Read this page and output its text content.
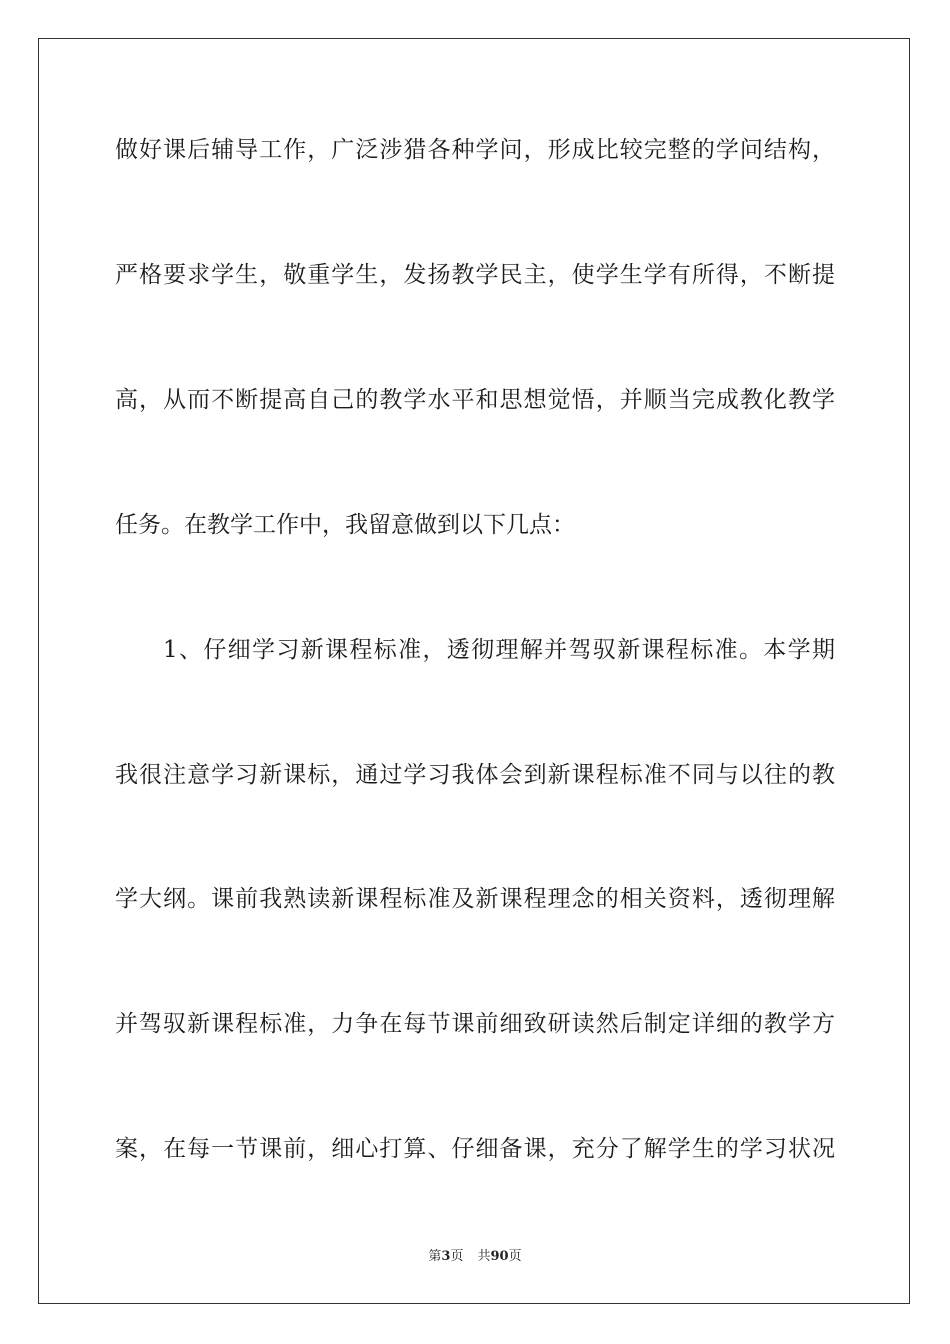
做好课后辅导工作，广泛涉猎各种学问，形成比较完整的学问结构，
严格要求学生，敬重学生，发扬教学民主，使学生学有所得，不断提
高，从而不断提高自己的教学水平和思想觉悟，并顺当完成教化教学
任务。在教学工作中，我留意做到以下几点：
1、仔细学习新课程标准，透彻理解并驾驭新课程标准。本学期
我很注意学习新课标，通过学习我体会到新课程标准不同与以往的教
学大纲。课前我熟读新课程标准及新课程理念的相关资料，透彻理解
并驾驭新课程标准，力争在每节课前细致研读然后制定详细的教学方
案，在每一节课前，细心打算、仔细备课，充分了解学生的学习状况
第3页 共90页
